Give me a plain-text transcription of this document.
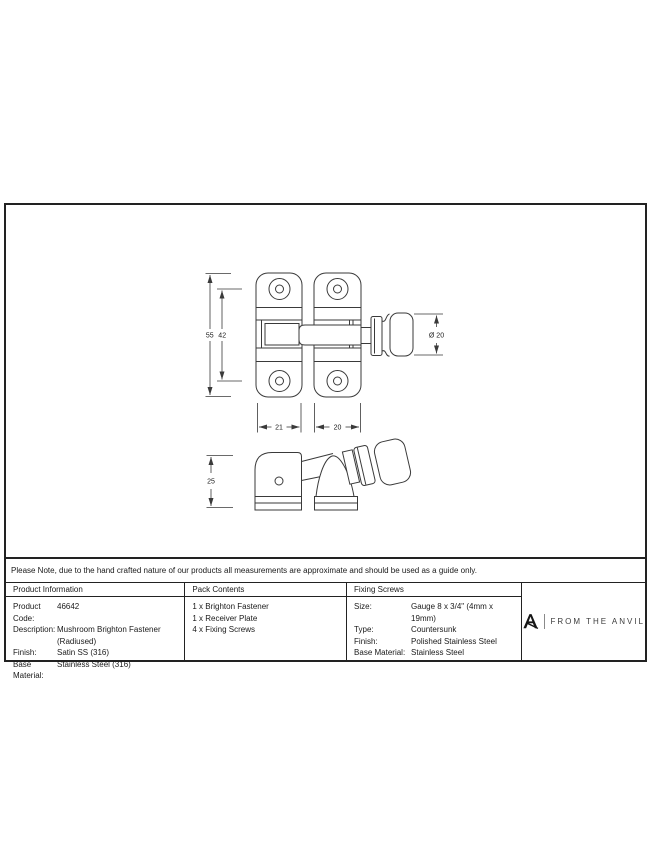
Please Note, due to the hand crafted nature of our products all measurements are approximate and should be used as a guide only.
Product Information
Product Code:
46642
Description: Mushroom Brighton Fastener
(Radiused)
Finish:	Satin SS (316)
Base Material:
Stainless Steel (316)
Pack Contents
1 x Brighton Fastener
1 x Receiver Plate
4 x Fixing Screws
Fixing Screws
Size:	Gauge 8 x 3/4" (4mm x 19mm)
Type:	Countersunk
Finish:	Polished Stainless Steel
Base Material: Stainless Steel
FROM THE ANVIL
55 42
21	20
Ø 20
25
